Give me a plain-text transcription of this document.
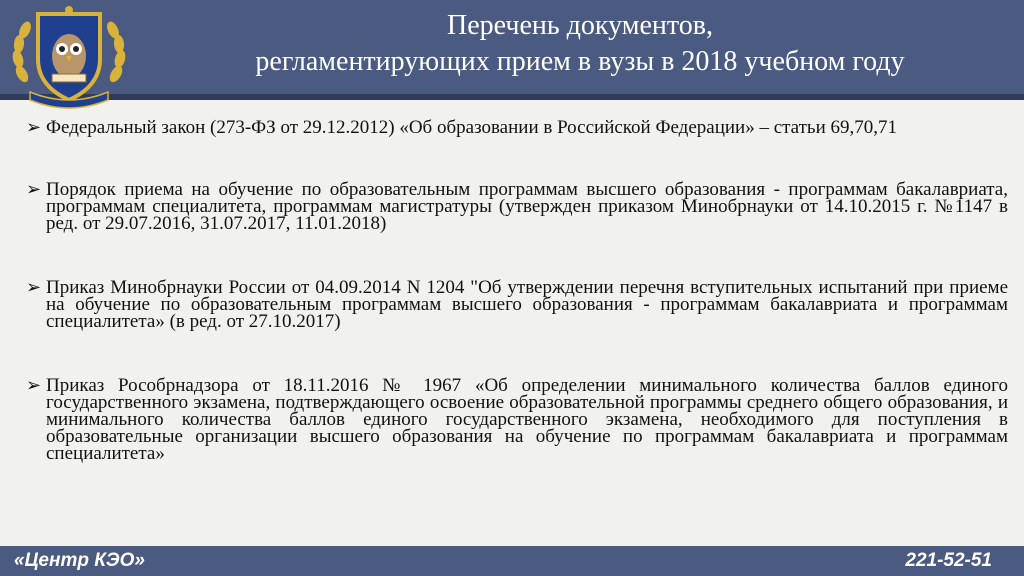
Перечень документов,
регламентирующих прием в вузы в 2018 учебном году
➢ Федеральный закон (273-ФЗ от 29.12.2012) «Об образовании в Российской Федерации» – статьи 69,70,71
➢ Порядок приема на обучение по образовательным программам высшего образования - программам бакалавриата, программам специалитета, программам магистратуры (утвержден приказом Минобрнауки от 14.10.2015 г. №1147 в ред. от 29.07.2016, 31.07.2017, 11.01.2018)
➢ Приказ Минобрнауки России от 04.09.2014 N 1204 "Об утверждении перечня вступительных испытаний при приеме на обучение по образовательным программам высшего образования - программам бакалавриата и программам специалитета» (в ред. от 27.10.2017)
➢ Приказ Рособрнадзора от 18.11.2016 № 1967 «Об определении минимального количества баллов единого государственного экзамена, подтверждающего освоение образовательной программы среднего общего образования, и минимального количества баллов единого государственного экзамена, необходимого для поступления в образовательные организации высшего образования на обучение по программам бакалавриата и программам специалитета»
«Центр КЭО»	221-52-51
